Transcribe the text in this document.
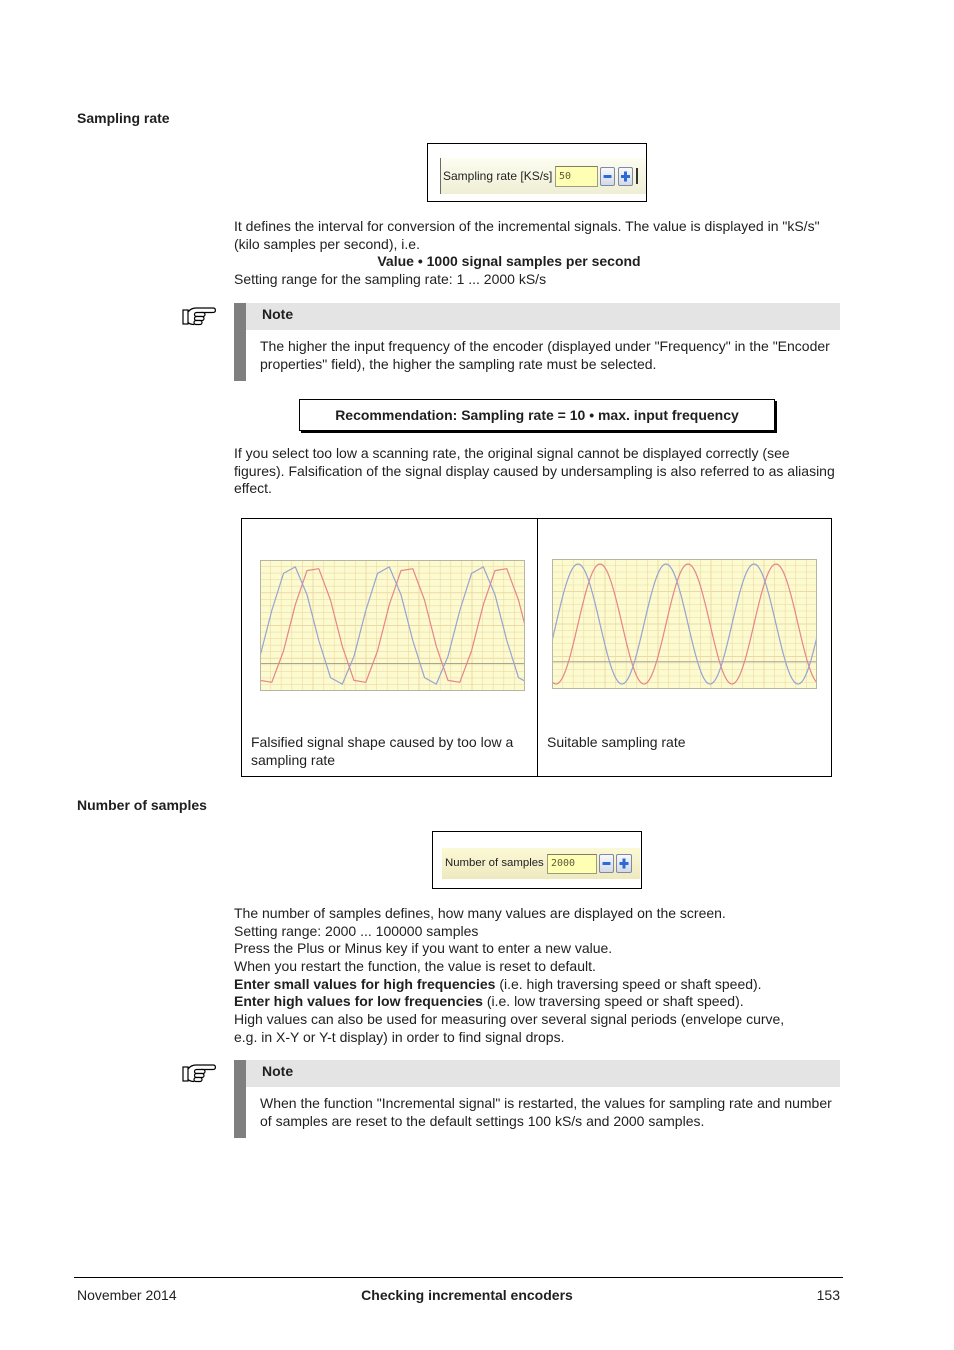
Sampling rate
Sampling rate [KS/s] 50
It defines the interval for conversion of the incremental signals. The value is displayed in "kS/s"
(kilo samples per second), i.e.
Value • 1000 signal samples per second
Setting range for the sampling rate: 1 ... 2000 kS/s
Note
The higher the input frequency of the encoder (displayed under "Frequency" in the "Encoder
properties" field), the higher the sampling rate must be selected.
Recommendation: Sampling rate = 10 • max. input frequency
If you select too low a scanning rate, the original signal cannot be displayed correctly (see
figures). Falsification of the signal display caused by undersampling is also referred to as aliasing
effect.
Falsified signal shape caused by too low a
sampling rate
Suitable sampling rate
Number of samples
Number of samples 2000
The number of samples defines, how many values are displayed on the screen.
Setting range: 2000 ... 100000 samples
Press the Plus or Minus key if you want to enter a new value.
When you restart the function, the value is reset to default.
Enter small values for high frequencies (i.e. high traversing speed or shaft speed).
Enter high values for low frequencies (i.e. low traversing speed or shaft speed).
High values can also be used for measuring over several signal periods (envelope curve,
e.g. in X-Y or Y-t display) in order to find signal drops.
Note
When the function "Incremental signal" is restarted, the values for sampling rate and number
of samples are reset to the default settings 100 kS/s and 2000 samples.
November 2014	Checking incremental encoders	153
